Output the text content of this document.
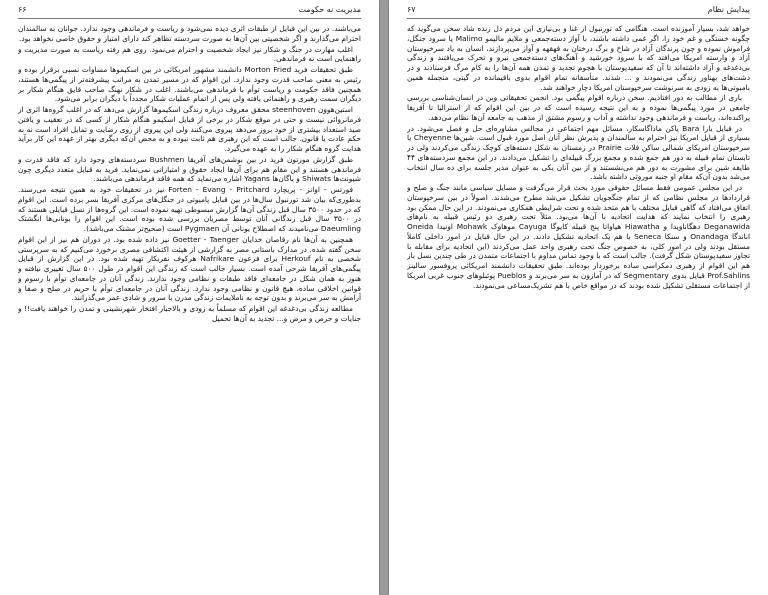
مدیریت نه حکومت
۶۶

می‌باشند. در بین این قبایل از طبقات اثری دیده نمی‌شود و ریاست و فرماندهی وجود ندارد. جوانان به سالمندان احترام می‌گذارند و اگر شخصیتی بین آن‌ها به صورت سردسته تظاهر کند دارای امتیاز و حقوق خاصی نخواهد بود.

اغلب مهارت در جنگ و شکار نیز ایجاد شخصیت و احترام می‌نمود. روی هم رفته ریاست به صورت مدیریت و راهنمایی است نه فرماندهی.

طبق تحقیقات فرید Morton Fried دانشمند مشهور امریکائی در بین اسکیموها مساوات نسبی برقرار بوده و رئیس به معنی صاحب قدرت وجود ندارد. این اقوام که در مسیر تمدن به مراتب پیشرفته‌تر از پیگمی‌ها هستند، همچنین فاقد حکومت و ریاست توأم با فرماندهی می‌باشند. اغلب در شکار نهنگ صاحب قایق هنگام شکار بر دیگران سمت رهبری و راهنمائی یافته ولی پس از اتمام عملیات شکار مجدداً با دیگران برابر می‌شود.

استین‌هوون steenhoven محقق معروف درباره زندگی اسکیموها گزارش می‌دهد که در اغلب گروه‌ها اثری از فرمانروائی نیست و حتی در موقع شکار در برخی از قبایل اسکیمو هنگام شکار از کسی که در تعقیب و یافتن صید استعداد بیشتری از خود بروز می‌دهد پیروی می‌کنند ولی این پیروی از روی رضایت و تمایل افراد است نه به حکم عادت یا قانون. جالب است که این رهبری هم ثابت نبوده و به محض آن‌که دیگری بهتر از عهده این کار برآید هدایت گروه هنگام شکار را به عهده می‌گیرد.

طبق گزارش مورتون فرید در بین بوشمن‌های آفریقا Bushmen سردسته‌های وجود دارد که فاقد قدرت و فرماندهی هستند و این مقام هم برای آن‌ها ایجاد حقوق و امتیازاتی نمی‌نماید. فرید به قبایل متعدد دیگری چون شیونت‌ها Shiwats و یاگان‌ها Yagans اشاره می‌نماید که همه فاقد فرماندهی می‌باشند.

فورتس - اوانز - پریچارد Forten - Evang - Pritchard نیز در تحقیقات خود به همین نتیجه می‌رسند. بدطوری‌که بیان شد تورنبول سال‌ها در بین قبایل پامبوتی در جنگل‌های مرکزی آفریقا بسر برده است. این اقوام که در حدود ۳۵۰۰ سال قبل زندگی آن‌ها گزارش مبسوطی تهیه نموده است. این گروه‌ها از نسل قبایلی هستند که در ۳۵۰۰ سال قبل زندگانی آنان توسط مصریان بررسی شده بوده است. این اقوام را یونانی‌ها انگشتک Daeumling می‌نامیدند که اصطلاح یونانی آن Pygmaen است (صحیح‌تر مشتک می‌باشد).

همچنین به آن‌ها نام رقاصان خدایان Goetter - Taenger نیز داده شده بود. در دوران هم نیز از این اقوام سخن گفته شده. در مدارک باستانی مصر به گزارشی از هیئت اکتشافی مصری برخورد می‌کنیم که به سرپرستی شخصی به نام Herkouf برای فرعون Nafrikare هرکوف نفریکار تهیه شده بود. در این گزارش از قبایل پیگمی‌های آفریقا شرحی آمده است. بسیار جالب است که زندگی این اقوام در طول ۵۰۰ سال تغییری نیافته و هنوز به همان شکل در جامعه‌ای فاقد طبقات و نظامی وجود ندارند. زندگی آنان در جامعه‌ای توأم با رسوم و قوانین اخلاقی ساده، هیچ قانون و نظامی وجود ندارد. زندگی آنان در جامعه‌ای توأم با حریم در صلح و صفا و آرامش به سر می‌برند و بدون توجه به ناملایمات زندگی مدرن با سرور و شادی عمر می‌گذرانند.

مطالعه زندگی بی‌دغدغه این اقوام که مسلماً به زودی و بالاجبار افتخار شهرنشینی و تمدن را خواهند یافت!! و جنایات و حرص و مرض و... تجدید به آن‌ها تحمیل

پیدایش نظام
۶۷

خواهد شد، بسیار آموزنده است. هنگامی که تورنبول از غنا و بی‌نیازی این مردم دل زنده شاد سخن می‌گوید که چگونه خستگی و غم خود را، اگر غمی داشته باشند، با آواز دسته‌جمعی و ملایم مالیمو Malimo یا سرود جنگل، فراموش نموده و چون پرندگان آزاد در شاخ و برگ درختان به قهقهه و آواز می‌پردازند، انسان به یاد سرخپوستان آزاد و وارسته امریکا می‌افتد که با سرود خورشید و آهنگ‌های دسته‌جمعی نیرو و تحرک می‌یافتند و زندگی بی‌دغدغه و آزاد داشته‌اند تا آن که سفیدپوستان با هجوم تجدید و تمدن همه آن‌ها را به کام مرگ فرستادند و در دشت‌های بهناور زندگی می‌نمودند و ... شدند. متأسفانه تمام اقوام بدوی باقیمانده در گیتی، منجمله همین بامبوتی‌ها به زودی به سرنوشت سرخپوستان امریکا دچار خواهند شد.

باری از مطالب به دور افتادیم. سخن درباره اقوام پیگمی بود. انجمن تحقیقاتی وین در انسان‌شناسی بررسی جامعی در مورد پیگمی‌ها نموده و به این نتیجه رسیده است که در بین این اقوام که از استرالیا تا آفریقا پراکنده‌اند، ریاست و فرماندهی وجود نداشته و آداب و رسوم مشتق از مذهب به جامعه آن‌ها نظام می‌دهد.

در قبایل بارا Bara یاکن ماداگاسکار، مسائل مهم اجتماعی در مجالس مشاوره‌ای حل و فصل می‌شود. در بسیاری از قبایل امریکا نیز احترام به سالمندان و پذیرش نظر آنان اصل مورد قبول است. شین‌ها Cheyenne یا سرخپوستان امریکای شمالی ساکن فلات Prairie در زمستان به شکل دسته‌های کوچک زندگی می‌کردند ولی در تابستان تمام قبیله به دور هم جمع شده و مجمع بزرگ قبیله‌ای را تشکیل می‌دادند. در این مجمع سردسته‌های ۴۴ طایفه شین برای مشورت به دور هم می‌نشستند و از بین آنان یکی به عنوان مدیر جلسه برای ده سال انتخاب می‌شد بدون آن‌که مقام او جنبه موروثی داشته باشد.

در این مجلس عمومی فقط مسائل حقوقی مورد بحث قرار می‌گرفت و مسایل سیاسی مانند جنگ و صلح و قراردادها در مجلس نظامی که از تمام جنگجویان تشکیل می‌شد مطرح می‌شدند. اصولاً در بین سرخپوستان اتفاق می‌افتاد که گاهی قبایل مختلف با هم متحد شده و تحت شرایطی همکاری می‌نمودند. در این حال ممکن بود رهبری را انتخاب نمایند که هدایت اتحادیه با آن‌ها می‌بود. مثلاً تحت رهبری دو رئیس قبیله به نام‌های Deganawida دهگاناویدا و Hiawatha هیاواتا پنج قبیله کایوگا Cayuga موهاوک Mohawk اونیدا Oneida اناندگا Onandaga و سنکا Seneca با هم یک اتحادیه تشکیل دادند. در این حال قبایل در امور داخلی کاملاً مستقل بودند ولی در امور کلی، به خصوص جنگ تحت رهبری واحد عمل می‌کردند (این اتحادیه برای مقابله با تجاوز سفیدپوستان شکل گرفت). جالب است که با وجود تماس مداوم با اجتماعات متمدن در طی چندین نسل باز هم این اقوام از رهبری دمکراسی ساده برخوردار بوده‌اند. طبق تحقیقات دانشمند امریکائی پروفسور سالینز Prof.Sahlins قبایل بدوی Segmentary که در آمازون به سر می‌برند و Pueblos پوئبلوهای جنوب غربی امریکا از اجتماعات مستقلی تشکیل شده بودند که در مواقع خاص با هم تشریک‌مساعی می‌نمودند.
